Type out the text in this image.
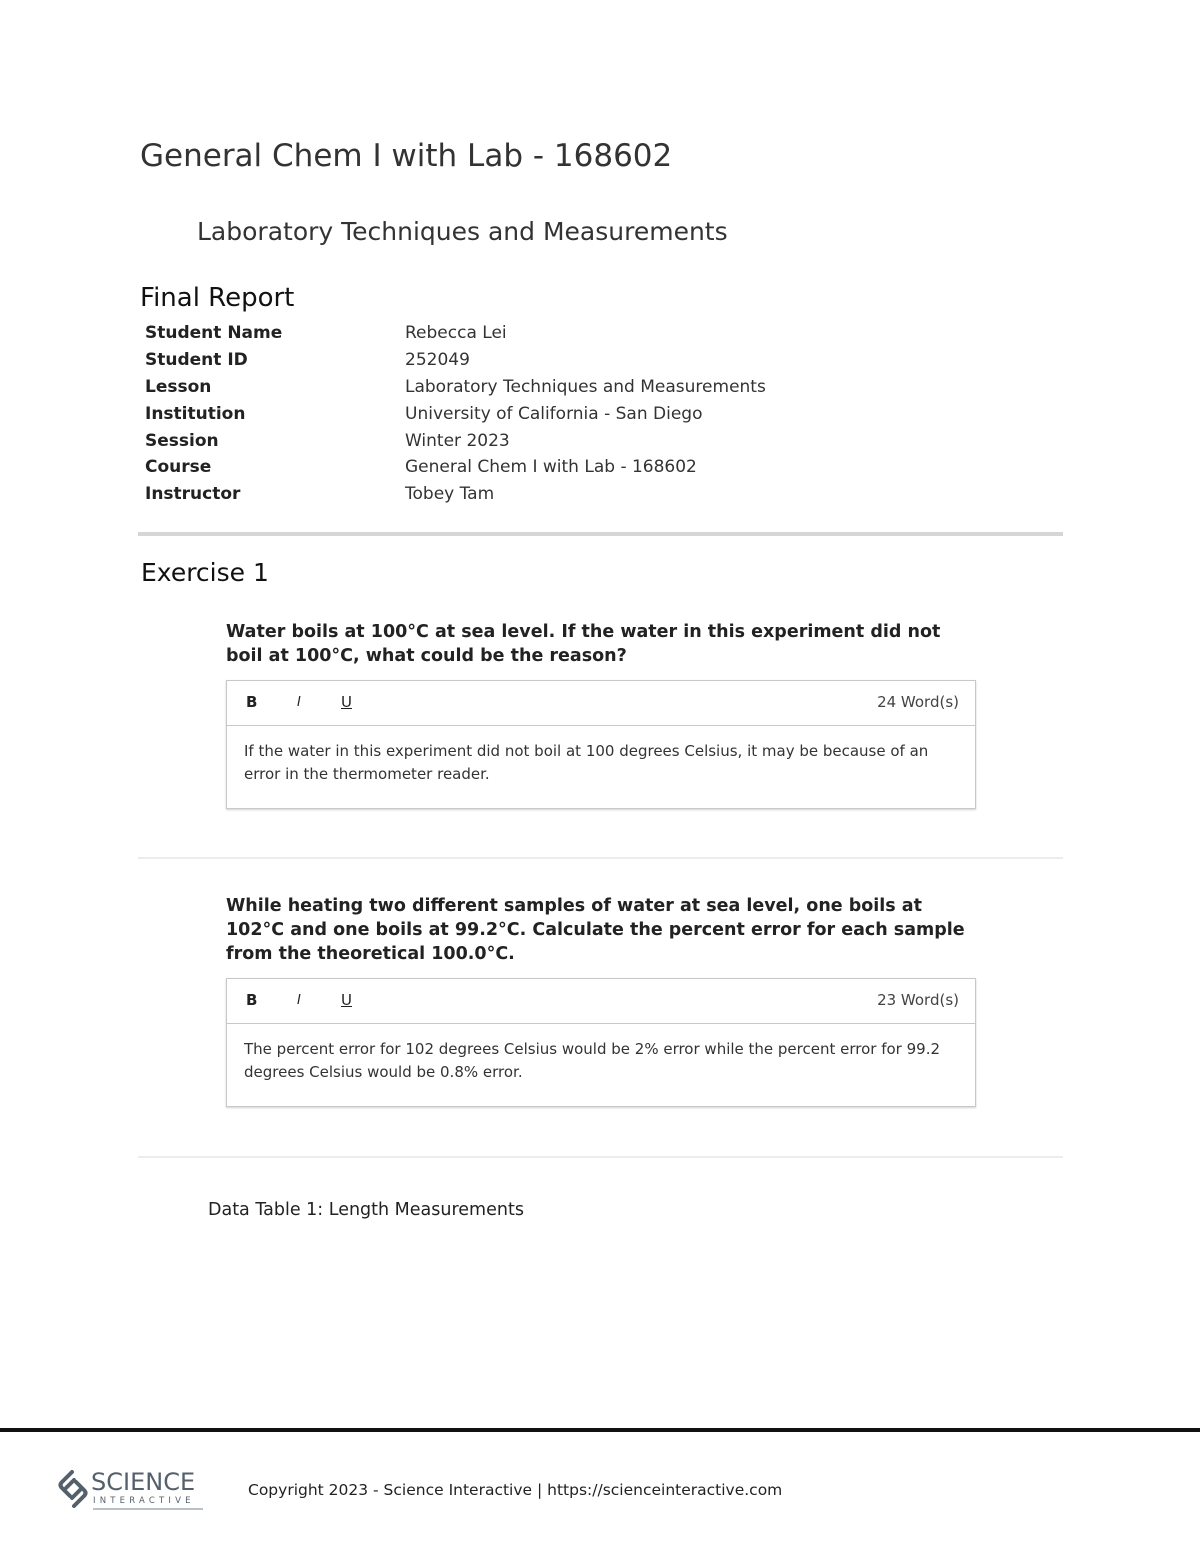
General Chem I with Lab - 168602
Laboratory Techniques and Measurements
Final Report
Student Name	Rebecca Lei
Student ID	252049
Lesson	Laboratory Techniques and Measurements
Institution	University of California - San Diego
Session	Winter 2023
Course	General Chem I with Lab - 168602
Instructor	Tobey Tam
Exercise 1

Water boils at 100°C at sea level. If the water in this experiment did not boil at 100°C, what could be the reason?

B	I	U	24 Word(s)
If the water in this experiment did not boil at 100 degrees Celsius, it may be because of an error in the thermometer reader.

While heating two different samples of water at sea level, one boils at 102°C and one boils at 99.2°C. Calculate the percent error for each sample from the theoretical 100.0°C.

B	I	U	23 Word(s)
The percent error for 102 degrees Celsius would be 2% error while the percent error for 99.2 degrees Celsius would be 0.8% error.

Data Table 1: Length Measurements

SCIENCE
INTERACTIVE
Copyright 2023 - Science Interactive | https://scienceinteractive.com
